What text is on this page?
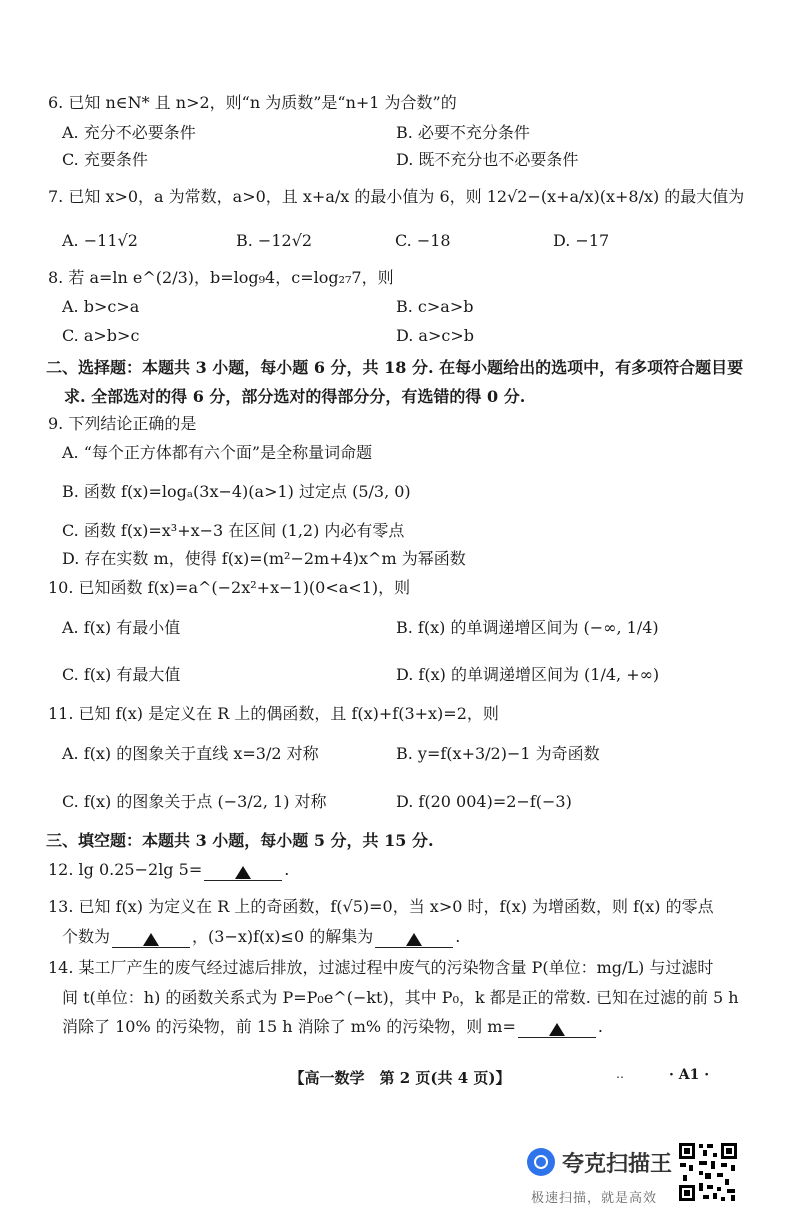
6. 已知 n∈N* 且 n>2，则“n 为质数”是“n+1 为合数”的
A. 充分不必要条件	B. 必要不充分条件
C. 充要条件	D. 既不充分也不必要条件
7. 已知 x>0，a 为常数，a>0，且 x+a/x 的最小值为 6，则 12√2−(x+a/x)(x+8/x) 的最大值为
A. −11√2	B. −12√2	C. −18	D. −17
8. 若 a=ln e^(2/3)，b=log₉4，c=log₂₇7，则
A. b>c>a	B. c>a>b
C. a>b>c	D. a>c>b
二、选择题：本题共 3 小题，每小题 6 分，共 18 分. 在每小题给出的选项中，有多项符合题目要
求. 全部选对的得 6 分，部分选对的得部分分，有选错的得 0 分.
9. 下列结论正确的是
A. “每个正方体都有六个面”是全称量词命题
B. 函数 f(x)=logₐ(3x−4)(a>1) 过定点 (5/3, 0)
C. 函数 f(x)=x³+x−3 在区间 (1,2) 内必有零点
D. 存在实数 m，使得 f(x)=(m²−2m+4)x^m 为幂函数
10. 已知函数 f(x)=a^(−2x²+x−1)(0<a<1)，则
A. f(x) 有最小值	B. f(x) 的单调递增区间为 (−∞, 1/4)
C. f(x) 有最大值	D. f(x) 的单调递增区间为 (1/4, +∞)
11. 已知 f(x) 是定义在 R 上的偶函数，且 f(x)+f(3+x)=2，则
A. f(x) 的图象关于直线 x=3/2 对称	B. y=f(x+3/2)−1 为奇函数
C. f(x) 的图象关于点 (−3/2, 1) 对称	D. f(20 004)=2−f(−3)
三、填空题：本题共 3 小题，每小题 5 分，共 15 分.
12. lg 0.25−2lg 5=	.
13. 已知 f(x) 为定义在 R 上的奇函数，f(√5)=0，当 x>0 时，f(x) 为增函数，则 f(x) 的零点
个数为	，(3−x)f(x)≤0 的解集为	.
14. 某工厂产生的废气经过滤后排放，过滤过程中废气的污染物含量 P(单位：mg/L) 与过滤时
间 t(单位：h) 的函数关系式为 P=P₀e^(−kt)，其中 P₀，k 都是正的常数. 已知在过滤的前 5 h
消除了 10% 的污染物，前 15 h 消除了 m% 的污染物，则 m=	.
【高一数学　第 2 页(共 4 页)】	‥	· A1 ·
夸克扫描王
极速扫描，就是高效
